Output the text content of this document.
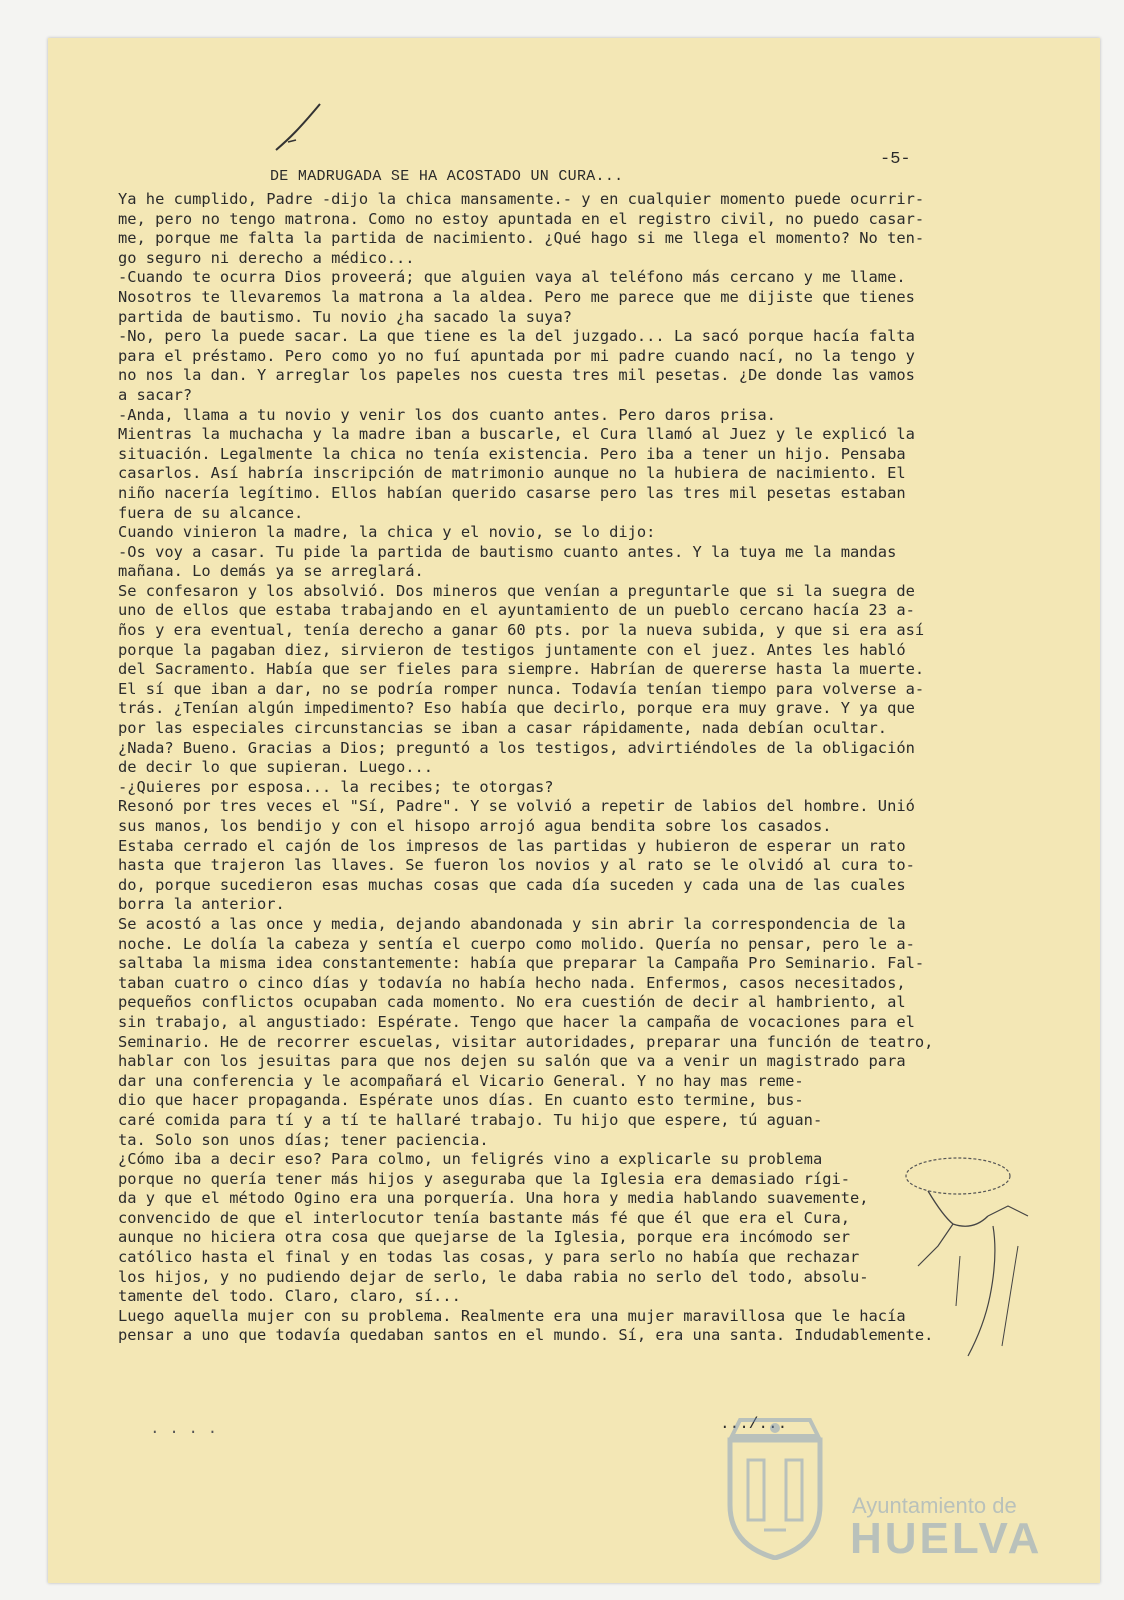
-5-
DE MADRUGADA SE HA ACOSTADO UN CURA...
Ya he cumplido, Padre -dijo la chica mansamente.- y en cualquier momento puede ocurrir-
me, pero no tengo matrona. Como no estoy apuntada en el registro civil, no puedo casar-
me, porque me falta la partida de nacimiento. ¿Qué hago si me llega el momento? No ten-
go seguro ni derecho a médico...
-Cuando te ocurra Dios proveerá; que alguien vaya al teléfono más cercano y me llame.
Nosotros te llevaremos la matrona a la aldea. Pero me parece que me dijiste que tienes
partida de bautismo. Tu novio ¿ha sacado la suya?
-No, pero la puede sacar. La que tiene es la del juzgado... La sacó porque hacía falta
para el préstamo. Pero como yo no fuí apuntada por mi padre cuando nací, no la tengo y
no nos la dan. Y arreglar los papeles nos cuesta tres mil pesetas. ¿De donde las vamos
a sacar?
-Anda, llama a tu novio y venir los dos cuanto antes. Pero daros prisa.
Mientras la muchacha y la madre iban a buscarle, el Cura llamó al Juez y le explicó la
situación. Legalmente la chica no tenía existencia. Pero iba a tener un hijo. Pensaba
casarlos. Así habría inscripción de matrimonio aunque no la hubiera de nacimiento. El
niño nacería legítimo. Ellos habían querido casarse pero las tres mil pesetas estaban
fuera de su alcance.
Cuando vinieron la madre, la chica y el novio, se lo dijo:
-Os voy a casar. Tu pide la partida de bautismo cuanto antes. Y la tuya me la mandas
mañana. Lo demás ya se arreglará.
Se confesaron y los absolvió. Dos mineros que venían a preguntarle que si la suegra de
uno de ellos que estaba trabajando en el ayuntamiento de un pueblo cercano hacía 23 a-
ños y era eventual, tenía derecho a ganar 60 pts. por la nueva subida, y que si era así
porque la pagaban diez, sirvieron de testigos juntamente con el juez. Antes les habló
del Sacramento. Había que ser fieles para siempre. Habrían de quererse hasta la muerte.
El sí que iban a dar, no se podría romper nunca. Todavía tenían tiempo para volverse a-
trás. ¿Tenían algún impedimento? Eso había que decirlo, porque era muy grave. Y ya que
por las especiales circunstancias se iban a casar rápidamente, nada debían ocultar.
¿Nada? Bueno. Gracias a Dios; preguntó a los testigos, advirtiéndoles de la obligación
de decir lo que supieran. Luego...
-¿Quieres por esposa... la recibes; te otorgas?
Resonó por tres veces el "Sí, Padre". Y se volvió a repetir de labios del hombre. Unió
sus manos, los bendijo y con el hisopo arrojó agua bendita sobre los casados.
Estaba cerrado el cajón de los impresos de las partidas y hubieron de esperar un rato
hasta que trajeron las llaves. Se fueron los novios y al rato se le olvidó al cura to-
do, porque sucedieron esas muchas cosas que cada día suceden y cada una de las cuales
borra la anterior.
Se acostó a las once y media, dejando abandonada y sin abrir la correspondencia de la
noche. Le dolía la cabeza y sentía el cuerpo como molido. Quería no pensar, pero le a-
saltaba la misma idea constantemente: había que preparar la Campaña Pro Seminario. Fal-
taban cuatro o cinco días y todavía no había hecho nada. Enfermos, casos necesitados,
pequeños conflictos ocupaban cada momento. No era cuestión de decir al hambriento, al
sin trabajo, al angustiado: Espérate. Tengo que hacer la campaña de vocaciones para el
Seminario. He de recorrer escuelas, visitar autoridades, preparar una función de teatro,
hablar con los jesuitas para que nos dejen su salón que va a venir un magistrado para
dar una conferencia y le acompañará el Vicario General. Y no hay mas reme-
dio que hacer propaganda. Espérate unos días. En cuanto esto termine, bus-
caré comida para tí y a tí te hallaré trabajo. Tu hijo que espere, tú aguan-
ta. Solo son unos días; tener paciencia.
¿Cómo iba a decir eso? Para colmo, un feligrés vino a explicarle su problema
porque no quería tener más hijos y aseguraba que la Iglesia era demasiado rígi-
da y que el método Ogino era una porquería. Una hora y media hablando suavemente,
convencido de que el interlocutor tenía bastante más fé que él que era el Cura,
aunque no hiciera otra cosa que quejarse de la Iglesia, porque era incómodo ser
católico hasta el final y en todas las cosas, y para serlo no había que rechazar
los hijos, y no pudiendo dejar de serlo, le daba rabia no serlo del todo, absolu-
tamente del todo. Claro, claro, sí...
Luego aquella mujer con su problema. Realmente era una mujer maravillosa que le hacía
pensar a uno que todavía quedaban santos en el mundo. Sí, era una santa. Indudablemente.
. . . .	.../...
Ayuntamiento de
HUELVA
